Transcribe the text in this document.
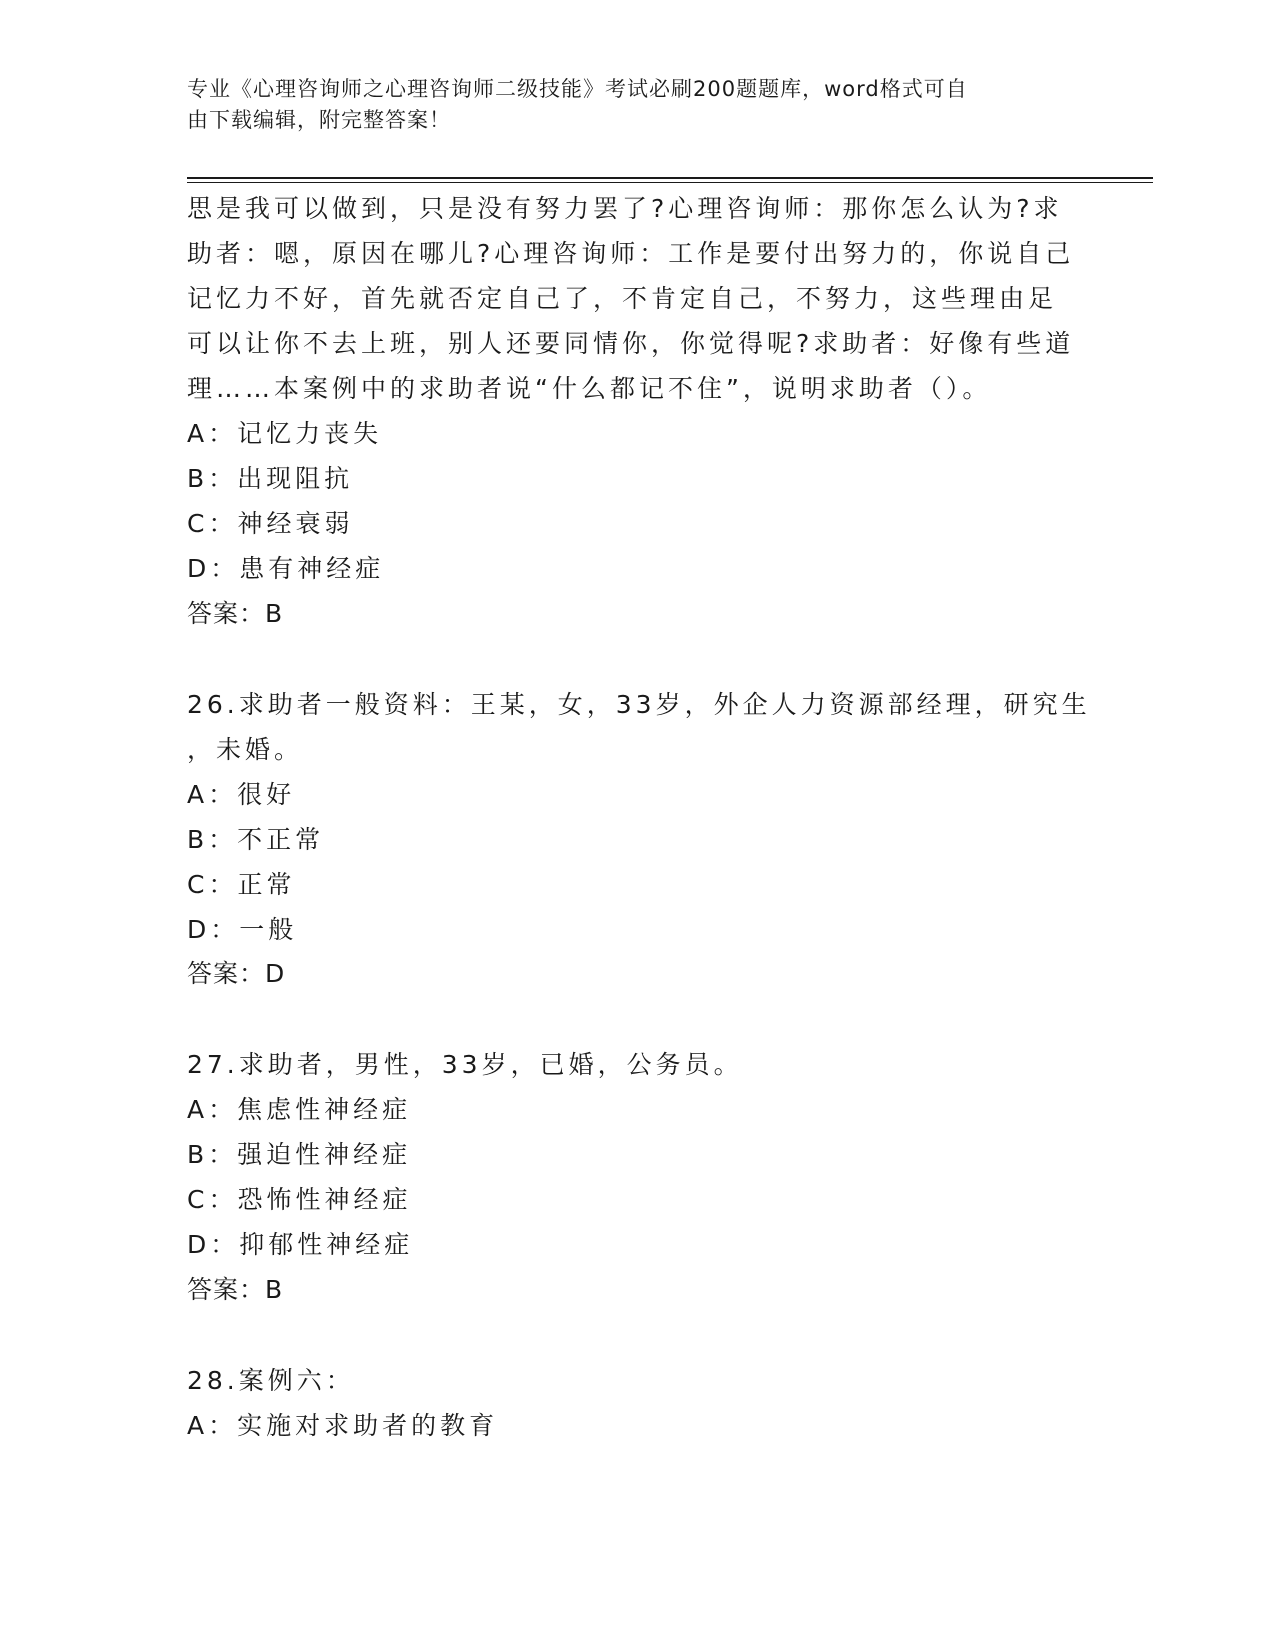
专业《心理咨询师之心理咨询师二级技能》考试必刷200题题库，word格式可自
由下载编辑，附完整答案！
思是我可以做到，只是没有努力罢了?心理咨询师：那你怎么认为?求
助者：嗯，原因在哪儿?心理咨询师：工作是要付出努力的，你说自己
记忆力不好，首先就否定自己了，不肯定自己，不努力，这些理由足
可以让你不去上班，别人还要同情你，你觉得呢?求助者：好像有些道
理……本案例中的求助者说“什么都记不住”，说明求助者（）。
A：记忆力丧失
B：出现阻抗
C：神经衰弱
D：患有神经症
答案：B
26.求助者一般资料：王某，女，33岁，外企人力资源部经理，研究生
，未婚。
A：很好
B：不正常
C：正常
D：一般
答案：D
27.求助者，男性，33岁，已婚，公务员。
A：焦虑性神经症
B：强迫性神经症
C：恐怖性神经症
D：抑郁性神经症
答案：B
28.案例六：
A：实施对求助者的教育
